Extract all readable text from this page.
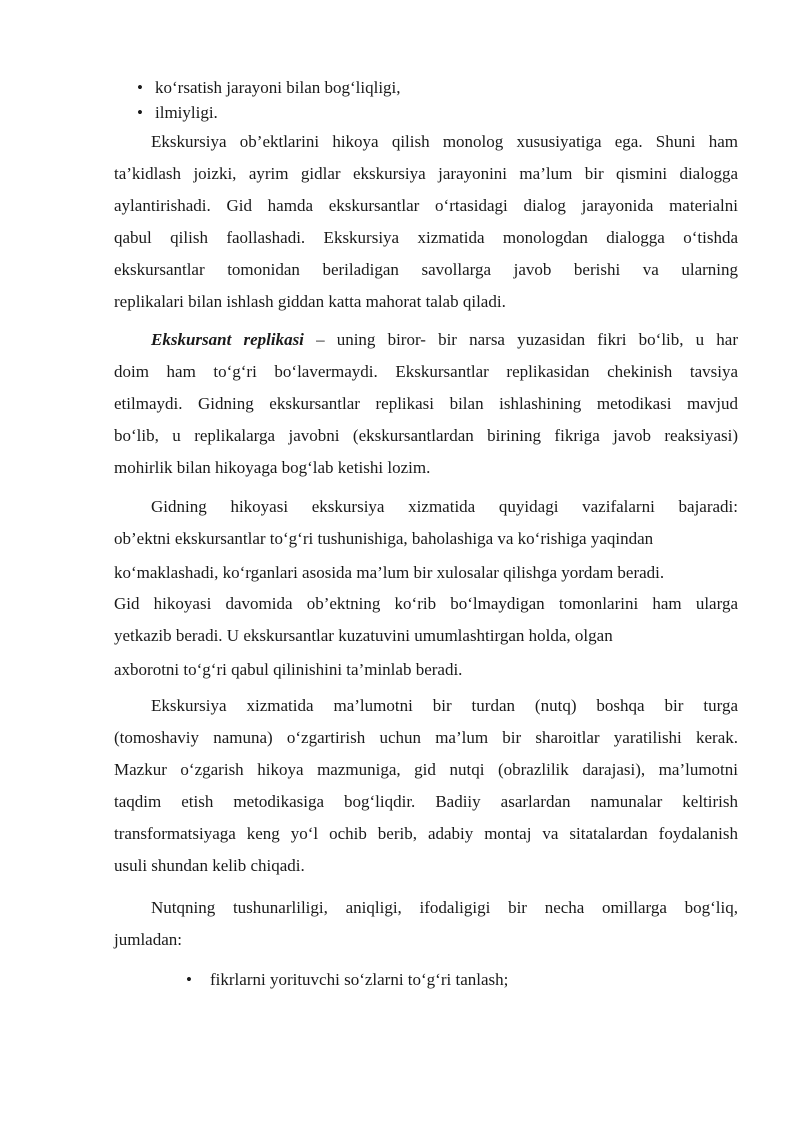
• ko‘rsatish jarayoni bilan bog‘liqligi,
• ilmiyligi.
Ekskursiya ob’ektlarini hikoya qilish monolog xususiyatiga ega. Shuni ham
ta’kidlash joizki, ayrim gidlar ekskursiya jarayonini ma’lum bir qismini dialogga
aylantirishadi. Gid hamda ekskursantlar o‘rtasidagi dialog jarayonida materialni
qabul qilish faollashadi. Ekskursiya xizmatida monologdan dialogga o‘tishda
ekskursantlar tomonidan beriladigan savollarga javob berishi va ularning
replikalari bilan ishlash giddan katta mahorat talab qiladi.
Ekskursant replikasi – uning biror- bir narsa yuzasidan fikri bo‘lib, u har
doim ham to‘g‘ri bo‘lavermaydi. Ekskursantlar replikasidan chekinish tavsiya
etilmaydi. Gidning ekskursantlar replikasi bilan ishlashining metodikasi mavjud
bo‘lib, u replikalarga javobni (ekskursantlardan birining fikriga javob reaksiyasi)
mohirlik bilan hikoyaga bog‘lab ketishi lozim.
Gidning hikoyasi ekskursiya xizmatida quyidagi vazifalarni bajaradi:
ob’ektni ekskursantlar to‘g‘ri tushunishiga, baholashiga va ko‘rishiga yaqindan
ko‘maklashadi, ko‘rganlari asosida ma’lum bir xulosalar qilishga yordam beradi.
Gid hikoyasi davomida ob’ektning ko‘rib bo‘lmaydigan tomonlarini ham ularga
yetkazib beradi. U ekskursantlar kuzatuvini umumlashtirgan holda, olgan
axborotni to‘g‘ri qabul qilinishini ta’minlab beradi.
Ekskursiya xizmatida ma’lumotni bir turdan (nutq) boshqa bir turga
(tomoshaviy namuna) o‘zgartirish uchun ma’lum bir sharoitlar yaratilishi kerak.
Mazkur o‘zgarish hikoya mazmuniga, gid nutqi (obrazlilik darajasi), ma’lumotni
taqdim etish metodikasiga bog‘liqdir. Badiiy asarlardan namunalar keltirish
transformatsiyaga keng yo‘l ochib berib, adabiy montaj va sitatalardan foydalanish
usuli shundan kelib chiqadi.
Nutqning tushunarliligi, aniqligi, ifodaligigi bir necha omillarga bog‘liq,
jumladan:
• fikrlarni yorituvchi so‘zlarni to‘g‘ri tanlash;
